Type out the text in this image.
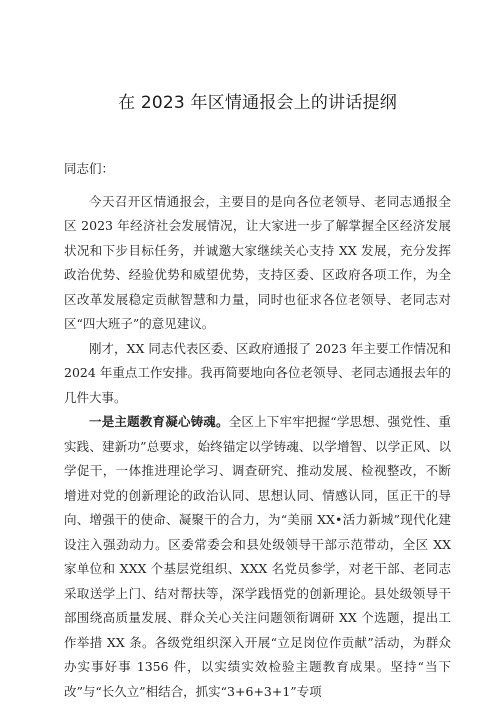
在 2023 年区情通报会上的讲话提纲

同志们：

今天召开区情通报会，主要目的是向各位老领导、老同志通报全区 2023 年经济社会发展情况，让大家进一步了解掌握全区经济发展状况和下步目标任务，并诚邀大家继续关心支持 XX 发展，充分发挥政治优势、经验优势和威望优势，支持区委、区政府各项工作，为全区改革发展稳定贡献智慧和力量，同时也征求各位老领导、老同志对区“四大班子”的意见建议。

刚才，XX 同志代表区委、区政府通报了 2023 年主要工作情况和 2024 年重点工作安排。我再简要地向各位老领导、老同志通报去年的几件大事。

一是主题教育凝心铸魂。全区上下牢牢把握“学思想、强党性、重实践、建新功”总要求，始终锚定以学铸魂、以学增智、以学正风、以学促干，一体推进理论学习、调查研究、推动发展、检视整改，不断增进对党的创新理论的政治认同、思想认同、情感认同，匡正干的导向、增强干的使命、凝聚干的合力，为“美丽 XX•活力新城”现代化建设注入强劲动力。区委常委会和县处级领导干部示范带动，全区 XX 家单位和 XXX 个基层党组织、XXX 名党员参学，对老干部、老同志采取送学上门、结对帮扶等，深学践悟党的创新理论。县处级领导干部围绕高质量发展、群众关心关注问题领衔调研 XX 个选题，提出工作举措 XX 条。各级党组织深入开展“立足岗位作贡献”活动，为群众办实事好事 1356 件，以实绩实效检验主题教育成果。坚持“当下改”与“长久立”相结合，抓实“3+6+3+1”专项
